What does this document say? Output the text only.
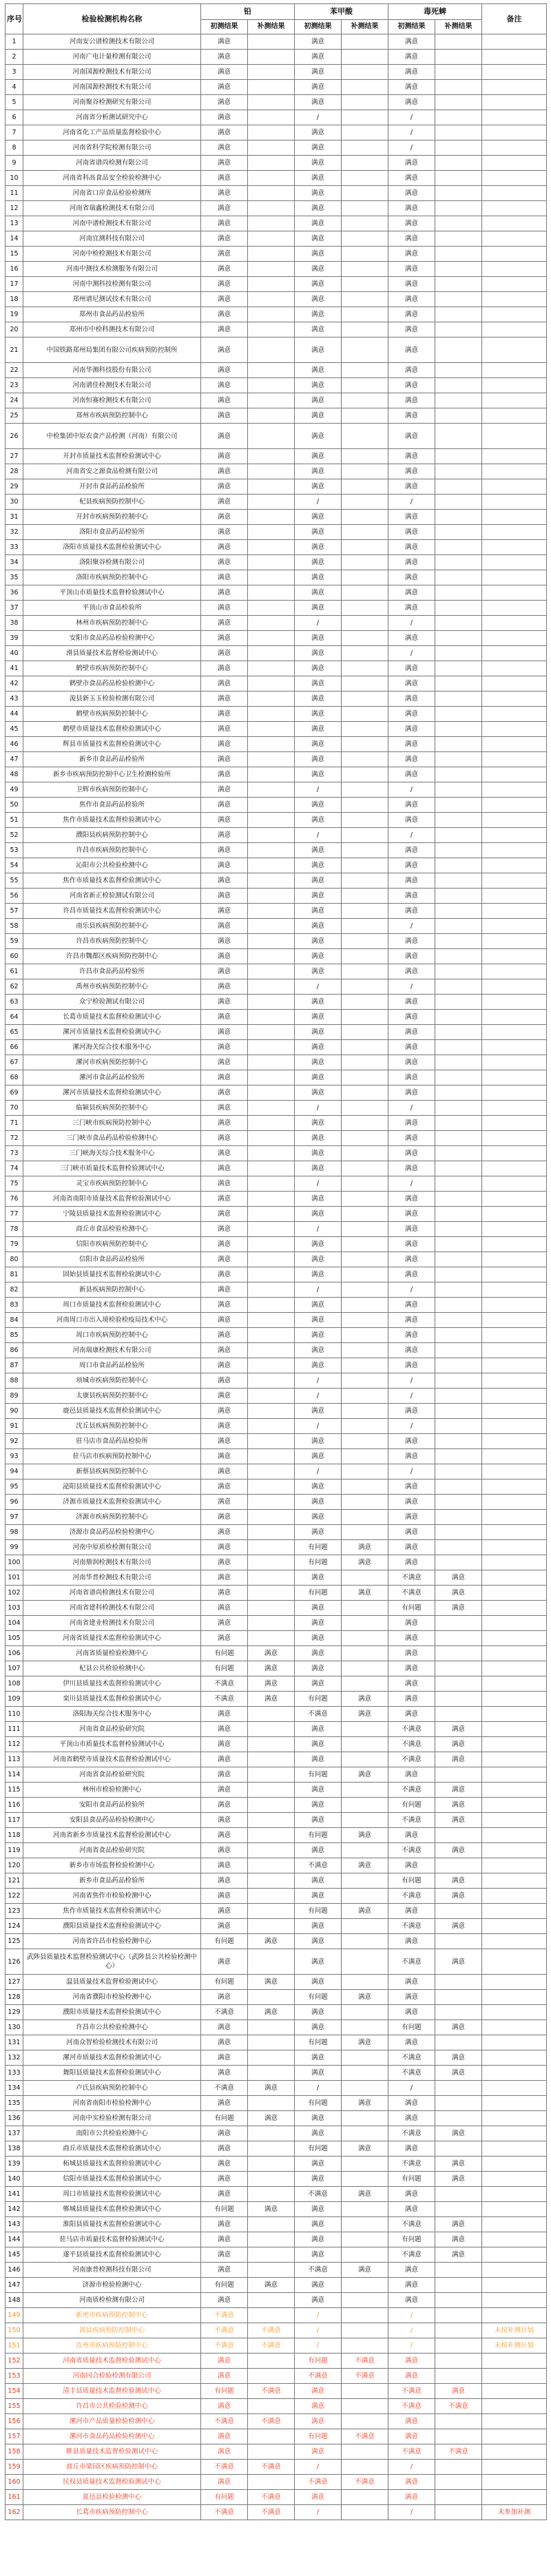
序号	检验检测机构名称	铅		苯甲酸		毒死蜱		备注
		初测结果	补测结果	初测结果	补测结果	初测结果	补测结果	
1	河南安公谱检测技术有限公司	满意		满意		满意		
2	河南广电计量检测有限公司	满意		满意		满意		
3	河南国源检测技术有限公司	满意		满意		满意		
4	河南国源检测技术有限公司	满意		满意		满意		
5	河南聚谷检测研究有限公司	满意		满意		满意		
6	河南省分析测试研究中心	满意		/		/		
7	河南省化工产品质量监督检验中心	满意		满意		/		
8	河南省科学院检测有限公司	满意		满意		/		
9	河南省谱尚检测有限公司	满意		满意		满意		
10	河南省科高食品安全检验检测中心	满意		满意		满意		
11	河南省口岸食品检验检测所	满意		满意		满意		
12	河南省瑞鑫检测技术有限公司	满意		满意		满意		
13	河南中谱检测技术有限公司	满意		满意		满意		
14	河南宜测科技有限公司	满意		满意		满意		
15	河南中检检测技术有限公司	满意		满意		满意		
16	河南中测技术检测服务有限公司	满意		满意		满意		
17	河南中测科技检测有限公司	满意		满意		满意		
18	郑州谱尼测试技术有限公司	满意		满意		满意		
19	郑州市食品药品检验所	满意		满意		满意		
20	郑州市中检科测技术有限公司	满意		满意		满意		
21	中国铁路郑州局集团有限公司疾病预防控制所	满意		满意		满意		
22	河南华测科技股份有限公司	满意		满意		满意		
23	河南谱佳检测技术有限公司	满意		满意		满意		
24	河南恒赛检测技术有限公司	满意		满意		满意		
25	郑州市疾病预防控制中心	满意		满意		满意		
26	中检集团中原农食产品检测（河南）有限公司	满意		满意		满意		
27	开封市质量技术监督检验测试中心	满意		满意		满意		
28	河南省安之源食品检测有限公司	满意		满意		满意		
29	开封市食品药品检验所	满意		满意		满意		
30	杞县疾病预防控制中心	满意		/		/		
31	开封市疾病预防控制中心	满意		满意		满意		
32	洛阳市食品药品检验所	满意		满意		满意		
33	洛阳市质量技术监督检验测试中心	满意		满意		满意		
34	洛阳聚谷检测有限公司	满意		满意		满意		
35	洛阳市疾病预防控制中心	满意		满意		满意		
36	平顶山市质量技术监督检验测试中心	满意		满意		满意		
37	平顶山市食品检验所	满意		满意		满意		
38	林州市疾病预防控制中心	满意		/		/		
39	安阳市食品药品检验检测中心	满意		满意		满意		
40	滑县质量技术监督检验测试中心	满意		满意		/		
41	鹤壁市疾病预防控制中心	满意		满意		满意		
42	鹤壁市食品药品检验检测中心	满意		满意		满意		
43	浚县新玉玉检验检测有限公司	满意		满意		满意		
44	鹤壁市疾病预防控制中心	满意		满意		满意		
45	鹤壁市质量技术监督检验测试中心	满意		满意		满意		
46	辉县市质量技术监督检验测试中心	满意		满意		满意		
47	新乡市食品药品检验所	满意		满意		满意		
48	新乡市疾病预防控制中心卫生检测检验所	满意		满意		满意		
49	卫辉市疾病预防控制中心	满意		/		/		
50	焦作市食品药品检验所	满意		满意		满意		
51	焦作市质量技术监督检验测试中心	满意		满意		满意		
52	濮阳县疾病预防控制中心	满意		/		/		
53	许昌市疾病预防控制中心	满意		满意		满意		
54	沁阳市公共检验检测中心	满意		满意		满意		
55	焦作市质量技术监督检验测试中心	满意		满意		满意		
56	河南省新正检验测试有限公司	满意		满意		满意		
57	许昌市质量技术监督检验测试中心	满意		满意		满意		
58	南乐县疾病预防控制中心	满意		满意		/		
59	许昌市疾病预防控制中心	满意		满意		满意		
60	许昌市魏都区疾病预防控制中心	满意		满意		满意		
61	许昌市食品药品检验所	满意		满意		满意		
62	禹州市疾病预防控制中心	满意		/		/		
63	众宁检验测试有限公司	满意		满意		满意		
64	长葛市质量技术监督检验测试中心	满意		满意		满意		
65	漯河市质量技术监督检验测试中心	满意		满意		满意		
66	漯河海关综合技术服务中心	满意		满意		满意		
67	漯河市疾病预防控制中心	满意		满意		满意		
68	漯河市食品药品检验所	满意		满意		满意		
69	漯河市质量技术监督检验测试中心	满意		满意		满意		
70	临颍县疾病预防控制中心	满意		/		/		
71	三门峡市疾病预防控制中心	满意		满意		满意		
72	三门峡市食品药品检验检测中心	满意		满意		满意		
73	三门峡海关综合技术服务中心	满意		满意		满意		
74	三门峡市质量技术监督检验测试中心	满意		满意		满意		
75	灵宝市疾病预防控制中心	满意		/		/		
76	河南省南阳市质量技术监督检验测试中心	满意		满意		满意		
77	宁陵县质量技术监督检验测试中心	满意		满意		满意		
78	商丘市食品检验检测中心	满意		/		满意		
79	信阳市疾病预防控制中心	满意		满意		满意		
80	信阳市食品药品检验所	满意		满意		满意		
81	固始县质量技术监督检验测试中心	满意		满意		满意		
82	新县疾病预防控制中心	满意		/		/		
83	周口市质量技术监督检验测试中心	满意		满意		满意		
84	河南周口市出入境检验检疫局技术中心	满意		满意		满意		
85	周口市疾病预防控制中心	满意		满意		满意		
86	河南瑞康检测技术有限公司	满意		满意		满意		
87	周口市食品药品检验所	满意		满意		满意		
88	项城市疾病预防控制中心	满意		/		/		
89	太康县疾病预防控制中心	满意		/		/		
90	鹿邑县质量技术监督检验测试中心	满意		满意		满意		
91	沈丘县疾病预防控制中心	满意		/		/		
92	驻马店市食品药品检验所	满意		满意		满意		
93	驻马店市疾病预防控制中心	满意		满意		满意		
94	新蔡县疾病预防控制中心	满意		/		/		
95	泌阳县质量技术监督检验测试中心	满意		满意		满意		
96	济源市质量技术监督检验测试中心	满意		满意		满意		
97	济源市疾病预防控制中心	满意		满意		满意		
98	济源市食品药品检验检测中心	满意		满意		满意		
99	河南中原质检检测有限公司	满意		有问题	满意	满意		
100	河南鼎润检测技术有限公司	满意		有问题	满意	满意		
101	河南华普检测技术有限公司	满意		满意		不满意	满意	
102	河南省谱尚检测技术有限公司	满意		有问题	满意	不满意	满意	
103	河南省建科检测技术有限公司	满意		满意		有问题	满意	
104	河南省建业检测技术有限公司	满意		满意		满意		
105	河南省质量技术监督检验测试中心	满意		满意		满意		
106	河南省质量检验检测中心	有问题	满意	满意		满意		
107	杞县公共检验检测中心	有问题	满意	满意		满意		
108	伊川县质量技术监督检验测试中心	不满意	满意	满意		满意		
109	栾川县质量技术监督检验测试中心	不满意	满意	有问题	满意	满意		
110	洛阳海关综合技术服务中心	满意		不满意	满意	满意		
111	河南省食品检验研究院	满意		满意		不满意	满意	
112	平顶山市质量技术监督检验测试中心	满意		满意		不满意	满意	
113	河南省鹤壁市质量技术监督检验测试中心	满意		满意		不满意	满意	
114	河南省食品检验研究院	满意		有问题	满意	满意		
115	林州市检验检测中心	满意		满意		不满意	满意	
116	安阳市食品药品检验所	满意		满意		有问题	满意	
117	安阳县食品药品检验检测中心	满意		满意		不满意	满意	
118	河南省新乡市质量技术监督检验测试中心	满意		有问题	满意	满意		
119	河南省食品检验研究院	满意		满意		不满意	满意	
120	新乡市市场监督检验检测中心	满意		不满意	满意	满意		
121	新乡市食品药品检验所	满意		满意		有问题	满意	
122	河南省焦作市检验检测中心	满意		满意		不满意	满意	
123	焦作市质量技术监督检验测试中心	满意		有问题	满意	满意		
124	濮阳县质量技术监督检验测试中心	满意		满意		不满意	满意	
125	河南省许昌市检验检测中心	有问题	满意	满意		满意		
126	武陟县质量技术监督检验测试中心（武陟县公共检验检测中心）	满意		满意		不满意	满意	
127	温县质量技术监督检验测试中心	有问题	满意	满意		满意		
128	河南省濮阳市检验检测中心	满意		有问题	满意	满意		
129	濮阳市质量技术监督检验测试中心	不满意	满意	满意		满意		
130	许昌市公共检验检测中心	满意		满意		有问题	满意	
131	河南众智检验检测技术有限公司	满意		有问题	满意	满意		
132	漯河市质量技术监督检验测试中心	满意		满意		不满意	满意	
133	舞阳县质量技术监督检验测试中心	满意		满意		不满意	满意	
134	卢氏县疾病预防控制中心	不满意	满意	/		/		
135	河南省南阳市检验检测中心	满意		有问题	满意	满意		
136	河南中实检验检测有限公司	有问题	满意	满意		满意		
137	南阳市公共检验检测中心	满意		满意		不满意	满意	
138	商丘市质量技术监督检验测试中心	满意		有问题	满意	满意		
139	柘城县质量技术监督检验测试中心	满意		满意		不满意	满意	
140	信阳市质量技术监督检验测试中心	满意		满意		有问题	满意	
141	周口市质量技术监督检验测试中心	满意		不满意	满意	满意		
142	郸城县质量技术监督检验测试中心	有问题	满意	满意		满意		
143	淮阳县质量技术监督检验测试中心	满意		满意		不满意	满意	
144	驻马店市质量技术监督检验测试中心	满意		满意		有问题	满意	
145	遂平县质量技术监督检验测试中心	满意		满意		不满意	满意	
146	河南康普检测科技有限公司	满意		不满意	满意	满意		
147	济源市检验检测中心	有问题	满意	满意		满意		
148	河南质检检测有限公司	满意		满意		满意		
149	新密市疾病预防控制中心	不满意		/		/		
150	嵩县疾病预防控制中心	不满意	不满意	/		/		未按补测计划
151	汝州市疾病预防控制中心	不满意	不满意	/		/		未按补测计划
152	河南省质量技术监督检验测试中心	满意		有问题	不满意	满意		
153	河南同合检验检测有限公司	满意		不满意	不满意	满意		
154	清丰县质量技术监督检验测试中心	有问题	不满意	满意		不满意	满意	
155	许昌市公共检验检测中心	满意		满意		不满意	不满意	
156	漯河市产品质量检验检测中心	不满意	不满意	满意		满意		
157	漯河市食品药品检验检测中心	满意		有问题	不满意	满意		
158	睢县质量技术监督检验测试中心	满意		满意		不满意	不满意	
159	商丘市梁园区疾病预防控制中心	不满意	不满意	/		/		
160	民权县质量技术监督检验测试中心	满意		不满意	不满意	满意		
161	夏邑县检验检测中心	有问题	不满意	满意		满意		
162	长葛市疾病预防控制中心	不满意	不满意	/		/		未参加补测
